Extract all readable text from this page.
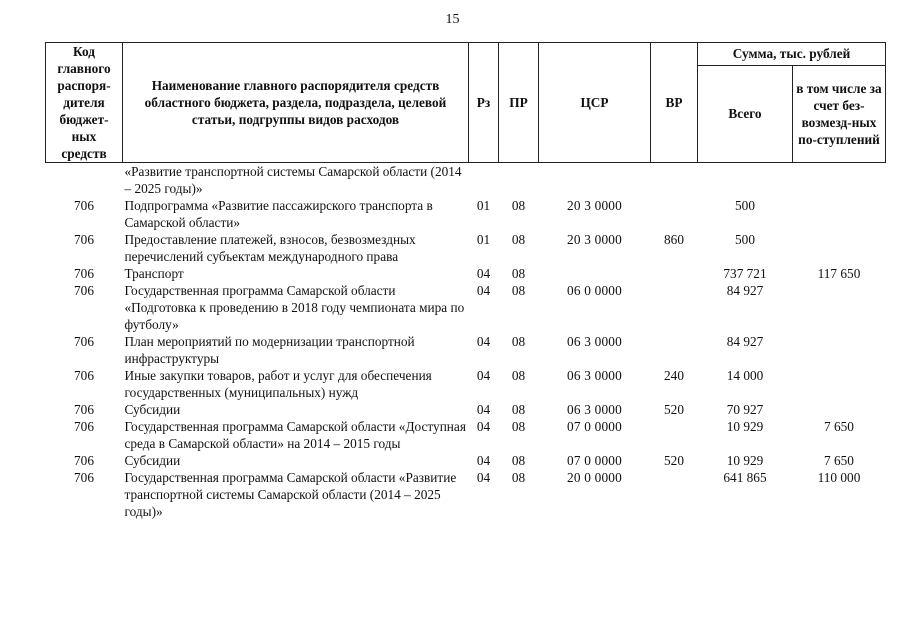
15
Код главного распоря-дителя бюджет-ных средств	Наименование главного распорядителя средств областного бюджета, раздела, подраздела, целевой статьи, подгруппы видов расходов	Рз	ПР	ЦСР	ВР	Сумма, тыс. рублей	
						Всего	в том числе за счет без-возмезд-ных по-ступлений
	«Развитие транспортной системы Самарской области (2014 – 2025 годы)»						
706	Подпрограмма «Развитие пассажирского транспорта в Самарской области»	01	08	20 3 0000		500	
706	Предоставление платежей, взносов, безвозмездных перечислений субъектам международного права	01	08	20 3 0000	860	500	
706	Транспорт	04	08			737 721	117 650
706	Государственная программа Самарской области «Подготовка к проведению в 2018 году чемпионата мира по футболу»	04	08	06 0 0000		84 927	
706	План мероприятий по модернизации транспортной инфраструктуры	04	08	06 3 0000		84 927	
706	Иные закупки товаров, работ и услуг для обеспечения государственных (муниципальных) нужд	04	08	06 3 0000	240	14 000	
706	Субсидии	04	08	06 3 0000	520	70 927	
706	Государственная программа Самарской области «Доступная среда в Самарской области» на 2014 – 2015 годы	04	08	07 0 0000		10 929	7 650
706	Субсидии	04	08	07 0 0000	520	10 929	7 650
706	Государственная программа Самарской области «Развитие транспортной системы Самарской области (2014 – 2025 годы)»	04	08	20 0 0000		641 865	110 000
